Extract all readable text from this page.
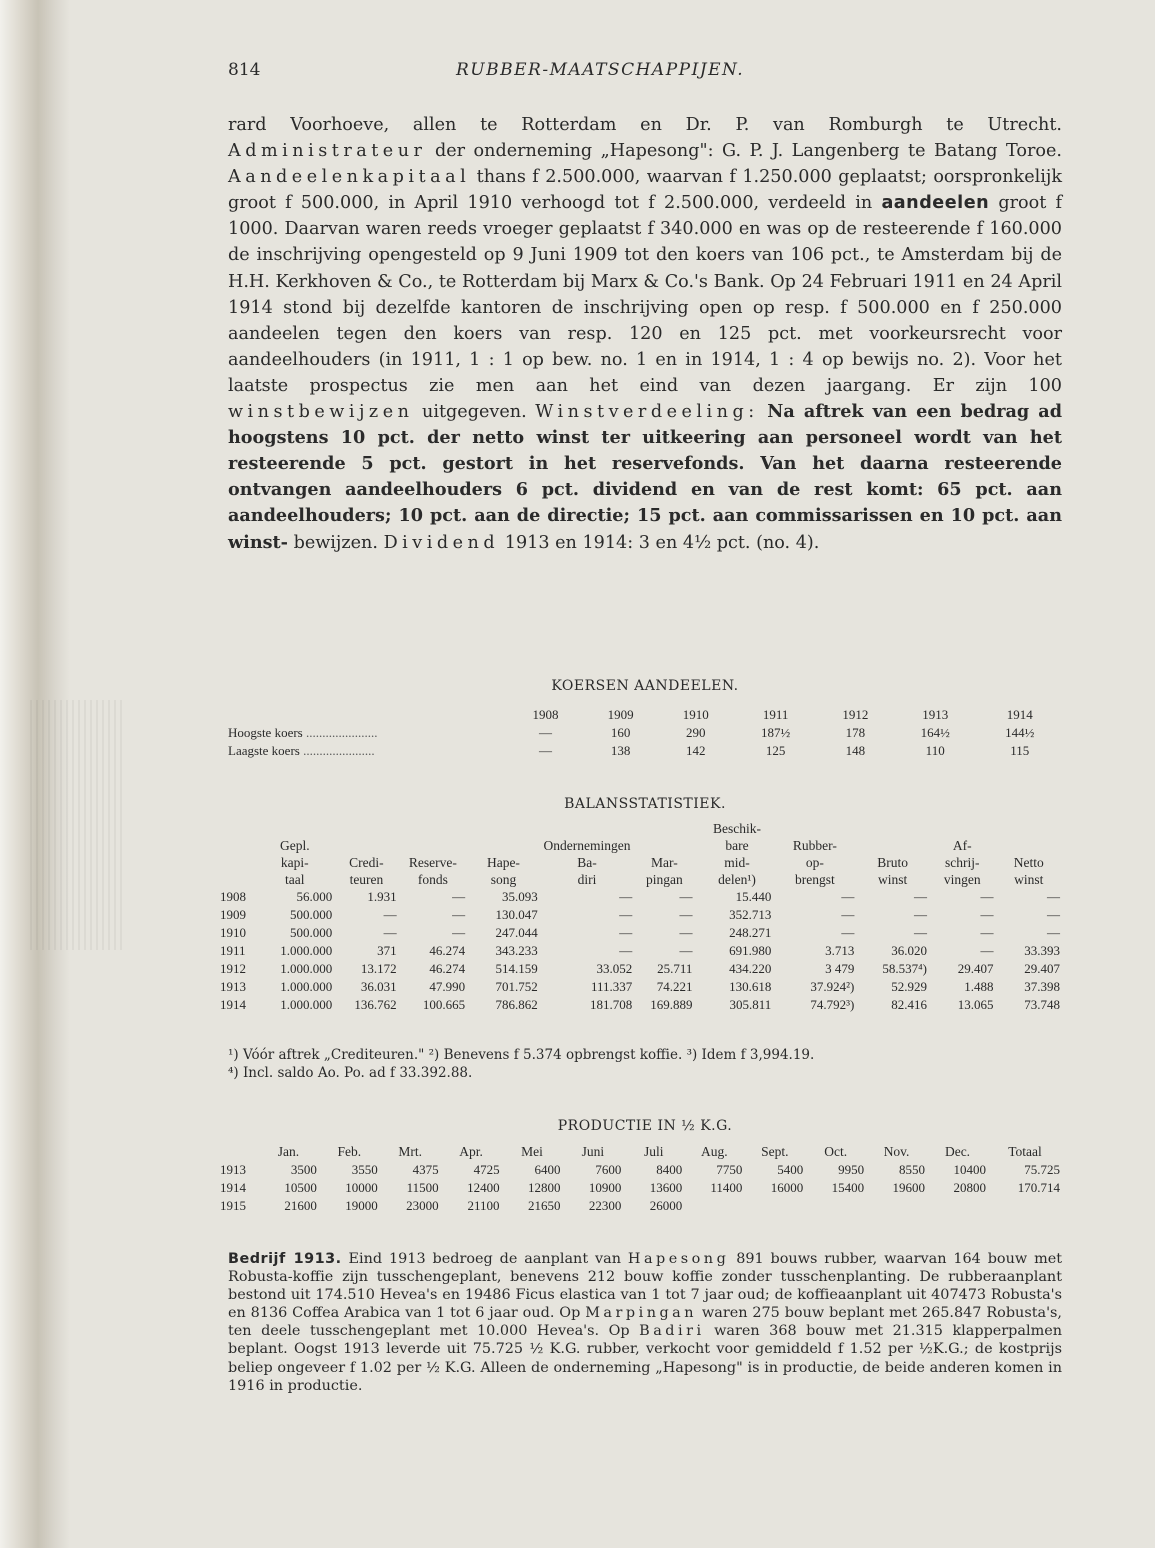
814	RUBBER-MAATSCHAPPIJEN.

rard Voorhoeve, allen te Rotterdam en Dr. P. van Romburgh te Utrecht. Administrateur der onderneming „Hapesong": G. P. J. Langenberg te Batang Toroe. Aandeelenkapitaal thans f 2.500.000, waarvan f 1.250.000 geplaatst; oorspronkelijk groot f 500.000, in April 1910 verhoogd tot f 2.500.000, verdeeld in aandeelen groot f 1000. Daarvan waren reeds vroeger geplaatst f 340.000 en was op de resteerende f 160.000 de inschrijving opengesteld op 9 Juni 1909 tot den koers van 106 pct., te Amsterdam bij de H.H. Kerkhoven & Co., te Rotterdam bij Marx & Co.'s Bank. Op 24 Februari 1911 en 24 April 1914 stond bij dezelfde kantoren de inschrijving open op resp. f 500.000 en f 250.000 aandeelen tegen den koers van resp. 120 en 125 pct. met voorkeursrecht voor aandeelhouders (in 1911, 1 : 1 op bew. no. 1 en in 1914, 1 : 4 op bewijs no. 2). Voor het laatste prospectus zie men aan het eind van dezen jaargang. Er zijn 100 winstbewijzen uitgegeven. Winstverdeeling: Na aftrek van een bedrag ad hoogstens 10 pct. der netto winst ter uitkeering aan personeel wordt van het resteerende 5 pct. gestort in het reservefonds. Van het daarna resteerende ontvangen aandeelhouders 6 pct. dividend en van de rest komt: 65 pct. aan aandeelhouders; 10 pct. aan de directie; 15 pct. aan commissarissen en 10 pct. aan winst- bewijzen. Dividend 1913 en 1914: 3 en 4½ pct. (no. 4).

KOERSEN AANDEELEN.
	1908	1909	1910	1911	1912	1913	1914
Hoogste koers ......................	—	160	290	187½	178	164½	144½
Laagste koers ......................	—	138	142	125	148	110	115
BALANSSTATISTIEK.
								Beschik-				
	Gepl.				Ondernemingen			bare	Rubber-		Af-	
	kapi-	Credi-	Reserve-	Hape-	Ba-	Mar-		mid-	op-	Bruto	schrij-	Netto
	taal	teuren	fonds	song	diri	pingan		delen¹)	brengst	winst	vingen	winst
1908	56.000	1.931	—	35.093	—	—		15.440	—	—	—	—
1909	500.000	—	—	130.047	—	—		352.713	—	—	—	—
1910	500.000	—	—	247.044	—	—		248.271	—	—	—	—
1911	1.000.000	371	46.274	343.233	—	—		691.980	3.713	36.020	—	33.393
1912	1.000.000	13.172	46.274	514.159	33.052	25.711		434.220	3 479	58.537⁴)	29.407	29.407
1913	1.000.000	36.031	47.990	701.752	111.337	74.221		130.618	37.924²)	52.929	1.488	37.398
1914	1.000.000	136.762	100.665	786.862	181.708	169.889		305.811	74.792³)	82.416	13.065	73.748
¹) Vóór aftrek „Crediteuren." ²) Benevens f 5.374 opbrengst koffie. ³) Idem f 3,994.19.
⁴) Incl. saldo Ao. Po. ad f 33.392.88.
PRODUCTIE IN ½ K.G.
	Jan.	Feb.	Mrt.	Apr.	Mei	Juni	Juli	Aug.	Sept.	Oct.	Nov.	Dec.	Totaal
1913	3500	3550	4375	4725	6400	7600	8400	7750	5400	9950	8550	10400	75.725
1914	10500	10000	11500	12400	12800	10900	13600	11400	16000	15400	19600	20800	170.714
1915	21600	19000	23000	21100	21650	22300	26000						

Bedrijf 1913. Eind 1913 bedroeg de aanplant van Hapesong 891 bouws rubber, waarvan 164 bouw met Robusta-koffie zijn tusschengeplant, benevens 212 bouw koffie zonder tusschenplanting. De rubberaanplant bestond uit 174.510 Hevea's en 19486 Ficus elastica van 1 tot 7 jaar oud; de koffieaanplant uit 407473 Robusta's en 8136 Coffea Arabica van 1 tot 6 jaar oud. Op Marpingan waren 275 bouw beplant met 265.847 Robusta's, ten deele tusschengeplant met 10.000 Hevea's. Op Badiri waren 368 bouw met 21.315 klapperpalmen beplant. Oogst 1913 leverde uit 75.725 ½ K.G. rubber, verkocht voor gemiddeld f 1.52 per ½K.G.; de kostprijs beliep ongeveer f 1.02 per ½ K.G. Alleen de onderneming „Hapesong" is in productie, de beide anderen komen in 1916 in productie.
